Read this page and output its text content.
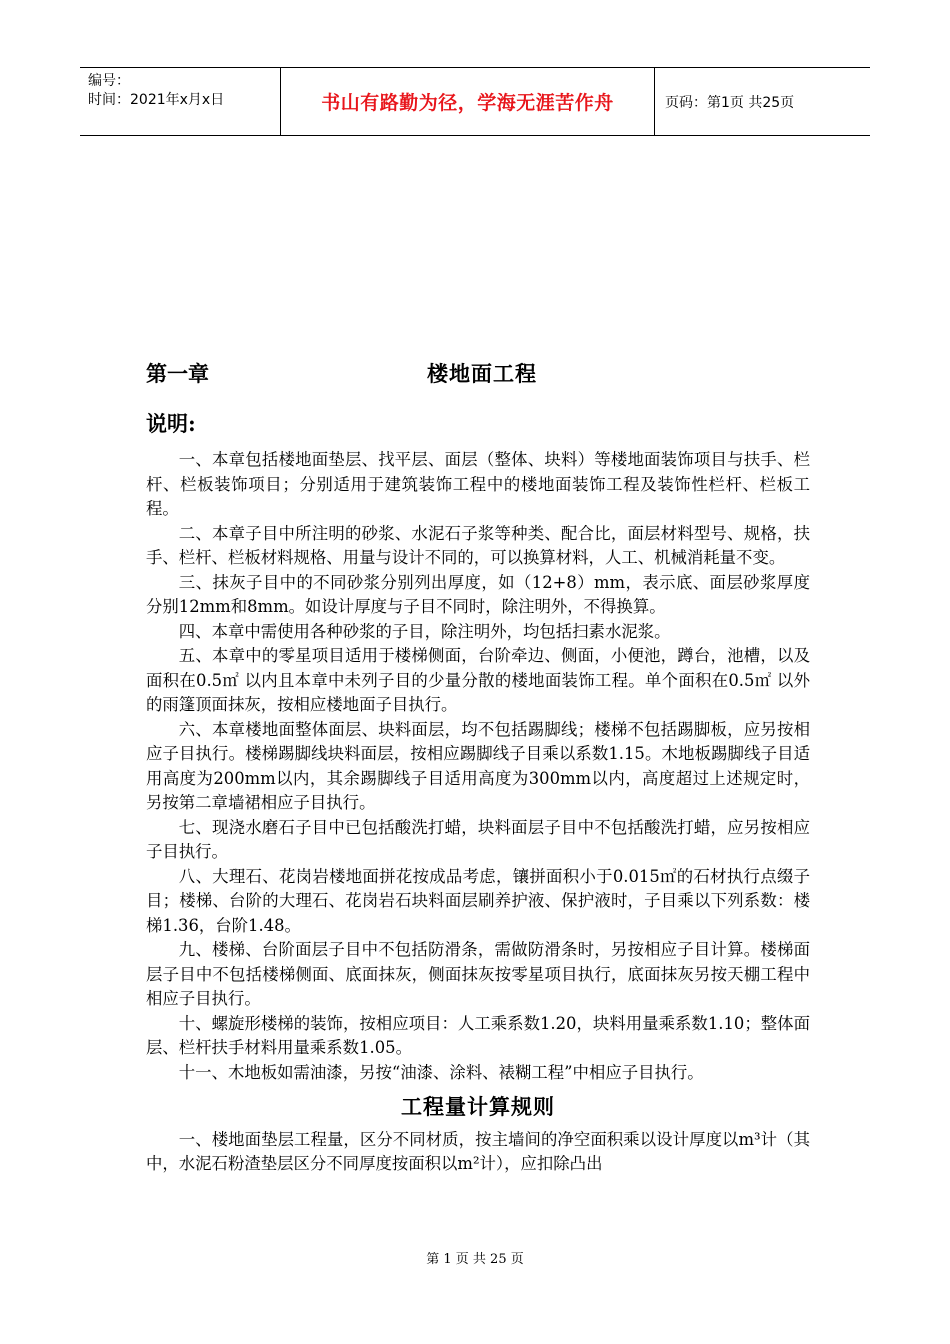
编号：
时间：2021年x月x日	书山有路勤为径，学海无涯苦作舟	页码：第1页 共25页
第一章	楼地面工程
说明:

一、本章包括楼地面垫层、找平层、面层（整体、块料）等楼地面装饰项目与扶手、栏杆、栏板装饰项目；分别适用于建筑装饰工程中的楼地面装饰工程及装饰性栏杆、栏板工程。

二、本章子目中所注明的砂浆、水泥石子浆等种类、配合比，面层材料型号、规格，扶手、栏杆、栏板材料规格、用量与设计不同的，可以换算材料，人工、机械消耗量不变。

三、抹灰子目中的不同砂浆分别列出厚度，如（12+8）mm，表示底、面层砂浆厚度分别12mm和8mm。如设计厚度与子目不同时，除注明外，不得换算。

四、本章中需使用各种砂浆的子目，除注明外，均包括扫素水泥浆。

五、本章中的零星项目适用于楼梯侧面，台阶牵边、侧面，小便池，蹲台，池槽，以及面积在0.5㎡ 以内且本章中未列子目的少量分散的楼地面装饰工程。单个面积在0.5㎡ 以外的雨篷顶面抹灰，按相应楼地面子目执行。

六、本章楼地面整体面层、块料面层，均不包括踢脚线；楼梯不包括踢脚板，应另按相应子目执行。楼梯踢脚线块料面层，按相应踢脚线子目乘以系数1.15。木地板踢脚线子目适用高度为200mm以内，其余踢脚线子目适用高度为300mm以内，高度超过上述规定时，另按第二章墙裙相应子目执行。

七、现浇水磨石子目中已包括酸洗打蜡，块料面层子目中不包括酸洗打蜡，应另按相应子目执行。

八、大理石、花岗岩楼地面拼花按成品考虑，镶拼面积小于0.015㎡的石材执行点缀子目；楼梯、台阶的大理石、花岗岩石块料面层刷养护液、保护液时，子目乘以下列系数：楼梯1.36，台阶1.48。

九、楼梯、台阶面层子目中不包括防滑条，需做防滑条时，另按相应子目计算。楼梯面层子目中不包括楼梯侧面、底面抹灰，侧面抹灰按零星项目执行，底面抹灰另按天棚工程中相应子目执行。

十、螺旋形楼梯的装饰，按相应项目：人工乘系数1.20，块料用量乘系数1.10；整体面层、栏杆扶手材料用量乘系数1.05。

十一、木地板如需油漆，另按“油漆、涂料、裱糊工程”中相应子目执行。

工程量计算规则

一、楼地面垫层工程量，区分不同材质，按主墙间的净空面积乘以设计厚度以m³计（其中，水泥石粉渣垫层区分不同厚度按面积以m²计），应扣除凸出

第 1 页 共 25 页
